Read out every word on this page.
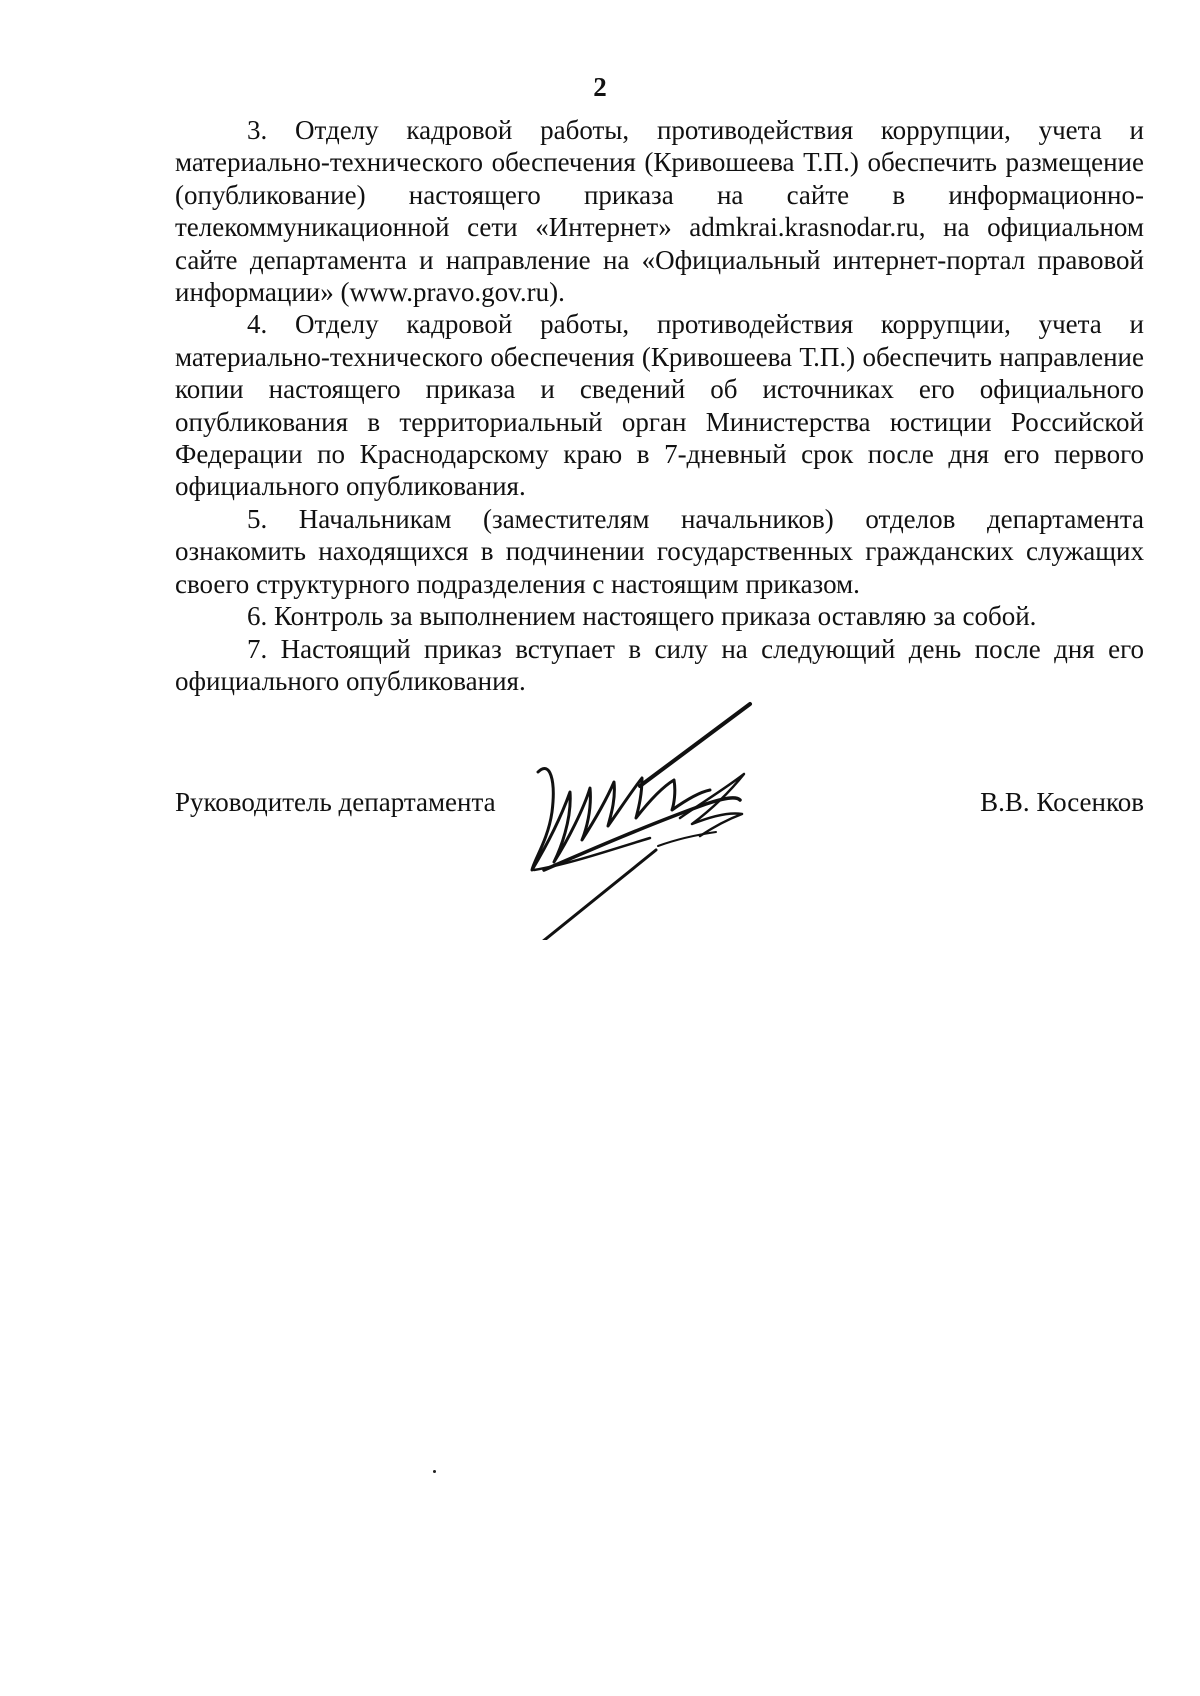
2

3. Отделу кадровой работы, противодействия коррупции, учета и материально-технического обеспечения (Кривошеева Т.П.) обеспечить размещение (опубликование) настоящего приказа на сайте в информационно-телекоммуникационной сети «Интернет» admkrai.krasnodar.ru, на официальном сайте департамента и направление на «Официальный интернет-портал правовой информации» (www.pravo.gov.ru).

4. Отделу кадровой работы, противодействия коррупции, учета и материально-технического обеспечения (Кривошеева Т.П.) обеспечить направление копии настоящего приказа и сведений об источниках его официального опубликования в территориальный орган Министерства юстиции Российской Федерации по Краснодарскому краю в 7-дневный срок после дня его первого официального опубликования.

5. Начальникам (заместителям начальников) отделов департамента ознакомить находящихся в подчинении государственных гражданских служащих своего структурного подразделения с настоящим приказом.

6. Контроль за выполнением настоящего приказа оставляю за собой.

7. Настоящий приказ вступает в силу на следующий день после дня его официального опубликования.

Руководитель департамента	В.В. Косенков
